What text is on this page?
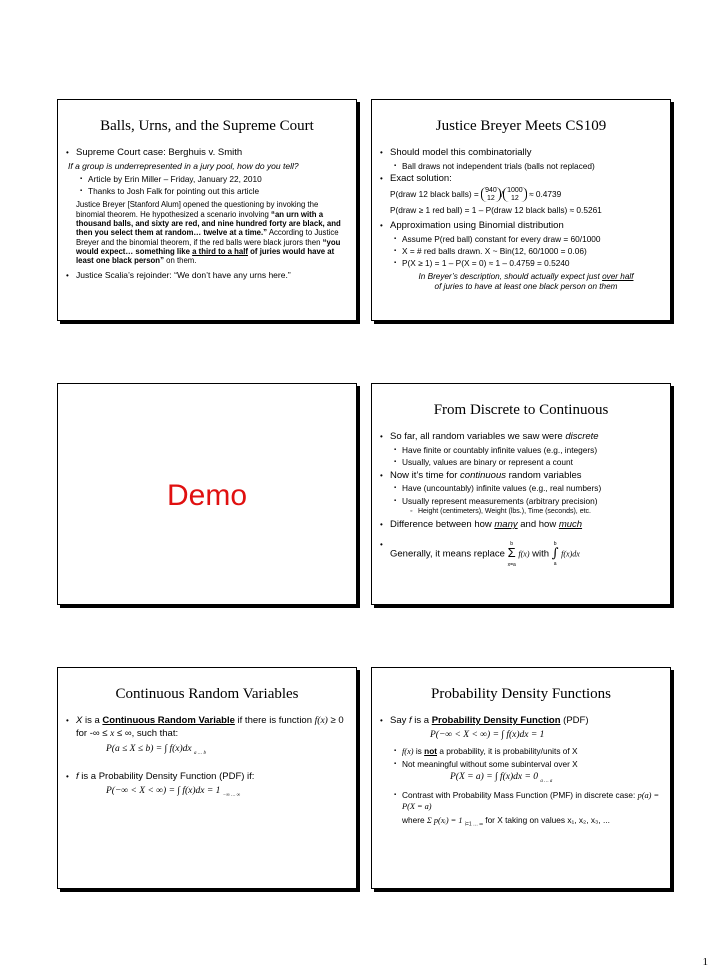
Balls, Urns, and the Supreme Court
• Supreme Court case: Berghuis v. Smith
If a group is underrepresented in a jury pool, how do you tell?
▪ Article by Erin Miller – Friday, January 22, 2010
▪ Thanks to Josh Falk for pointing out this article
Justice Breyer [Stanford Alum] opened the questioning by invoking the binomial theorem. He hypothesized a scenario involving “an urn with a thousand balls, and sixty are red, and nine hundred forty are black, and then you select them at random… twelve at a time.” According to Justice Breyer and the binomial theorem, if the red balls were black jurors then “you would expect… something like a third to a half of juries would have at least one black person” on them.
• Justice Scalia’s rejoinder: “We don’t have any urns here.”
Justice Breyer Meets CS109
• Should model this combinatorially
▪ Ball draws not independent trials (balls not replaced)
• Exact solution:
P(draw 12 black balls) = 940
12 / 1000
12 ≈ 0.4739
P(draw ≥ 1 red ball) = 1 – P(draw 12 black balls) ≈ 0.5261
• Approximation using Binomial distribution
▪ Assume P(red ball) constant for every draw = 60/1000
▪ X = # red balls drawn. X ~ Bin(12, 60/1000 = 0.06)
▪ P(X ≥ 1) = 1 – P(X = 0) ≈ 1 – 0.4759 = 0.5240
In Breyer’s description, should actually expect just over half
of juries to have at least one black person on them
Demo
From Discrete to Continuous
• So far, all random variables we saw were discrete
▪ Have finite or countably infinite values (e.g., integers)
▪ Usually, values are binary or represent a count
• Now it’s time for continuous random variables
▪ Have (uncountably) infinite values (e.g., real numbers)
▪ Usually represent measurements (arbitrary precision)
◦ Height (centimeters), Weight (lbs.), Time (seconds), etc.
• Difference between how many and how much
• Generally, it means replace b
Σ
x=a f(x) with b
∫
a f(x)dx
Continuous Random Variables
• X is a Continuous Random Variable if there is function f(x) ≥ 0 for -∞ ≤ x ≤ ∞, such that:
P(a ≤ X ≤ b) = ∫ f(x)dx $_{a \dots b}$
• f is a Probability Density Function (PDF) if:
P(−∞ < X < ∞) = ∫ f(x)dx = 1 $_{-\infty \dots \infty}$
Probability Density Functions
• Say f is a Probability Density Function (PDF)
P(−∞ < X < ∞) = ∫ f(x)dx = 1
▪ f(x) is not a probability, it is probability/units of X
▪ Not meaningful without some subinterval over X
P(X = a) = ∫ f(x)dx = 0 $_{a \dots a}$
▪ Contrast with Probability Mass Function (PMF) in discrete case: p(a) = P(X = a)
where Σ p(xᵢ) = 1 $_{i=1 \dots \infty}$ for X taking on values x₁, x₂, x₃, ...
1
